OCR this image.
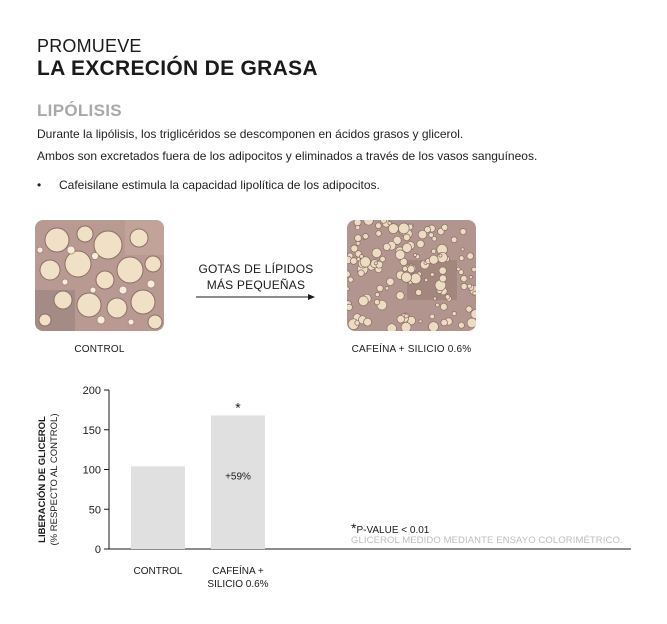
PROMUEVE
LA EXCRECIÓN DE GRASA
LIPÓLISIS
Durante la lipólisis, los triglicéridos se descomponen en ácidos grasos y glicerol.
Ambos son excretados fuera de los adipocitos y eliminados a través de los vasos sanguíneos.
• Cafeisilane estimula la capacidad lipolítica de los adipocitos.
GOTAS DE LÍPIDOS
MÁS PEQUEÑAS
CONTROL	CAFEÍNA + SILICIO 0.6%
LIBERACIÓN DE GLICEROL (% RESPECTO AL CONTROL)	+59%
*
0
50
100
150
200
CONTROL	CAFEÍNA +
SILICIO 0.6%
*P-VALUE < 0.01
GLICEROL MEDIDO MEDIANTE ENSAYO COLORIMÉTRICO.
